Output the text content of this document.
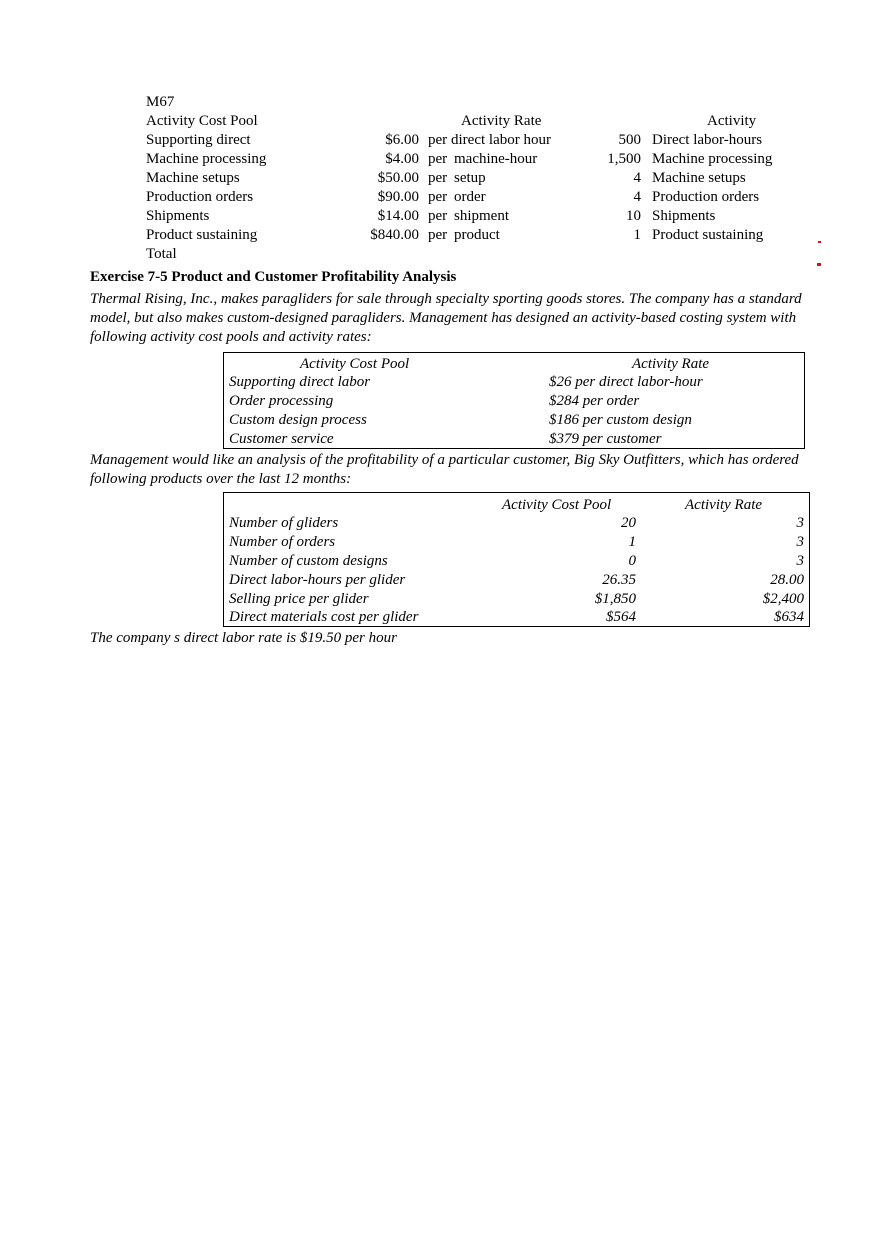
M67
Activity Cost Pool	Activity Rate	Activity
Supporting direct	$6.00 per direct labor hour	500 Direct labor-hours
Machine processing	$4.00 per machine-hour	1,500 Machine processing
Machine setups	$50.00 per setup	4 Machine setups
Production orders	$90.00 per order	4 Production orders
Shipments	$14.00 per shipment	10 Shipments
Product sustaining	$840.00 per product	1 Product sustaining
Total
Exercise 7-5 Product and Customer Profitability Analysis
Thermal Rising, Inc., makes paragliders for sale through specialty sporting goods stores. The company has a standard
model, but also makes custom-designed paragliders. Management has designed an activity-based costing system with
following activity cost pools and activity rates:
Activity Cost Pool	Activity Rate
Supporting direct labor	$26 per direct labor-hour
Order processing	$284 per order
Custom design process	$186 per custom design
Customer service	$379 per customer
Management would like an analysis of the profitability of a particular customer, Big Sky Outfitters, which has ordered
following products over the last 12 months:
Activity Cost Pool	Activity Rate
Number of gliders	20	3
Number of orders	1	3
Number of custom designs	0	3
Direct labor-hours per glider	26.35	28.00
Selling price per glider	$1,850	$2,400
Direct materials cost per glider	$564	$634
The company s direct labor rate is $19.50 per hour
